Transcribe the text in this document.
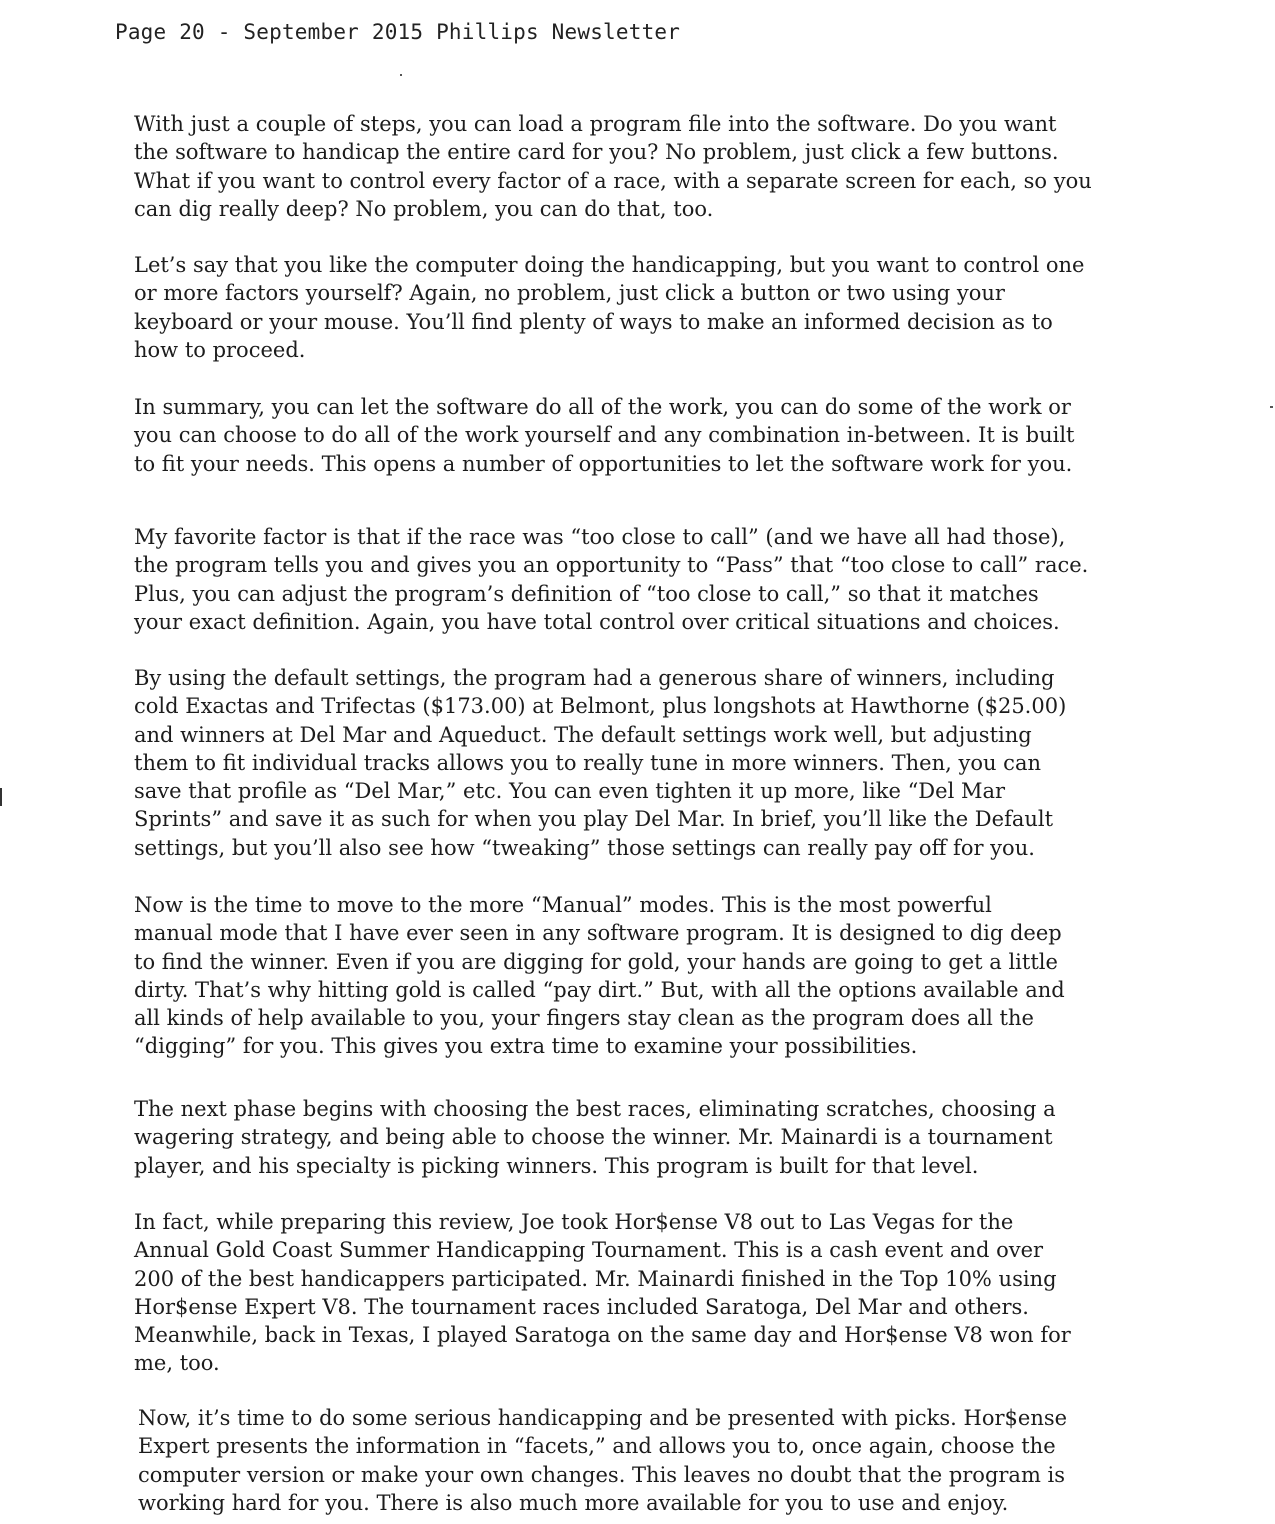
Page 20 - September 2015 Phillips Newsletter

With just a couple of steps, you can load a program file into the software. Do you want
the software to handicap the entire card for you? No problem, just click a few buttons.
What if you want to control every factor of a race, with a separate screen for each, so you
can dig really deep? No problem, you can do that, too.

Let’s say that you like the computer doing the handicapping, but you want to control one
or more factors yourself? Again, no problem, just click a button or two using your
keyboard or your mouse. You’ll find plenty of ways to make an informed decision as to
how to proceed.

In summary, you can let the software do all of the work, you can do some of the work or
you can choose to do all of the work yourself and any combination in-between. It is built
to fit your needs. This opens a number of opportunities to let the software work for you.

My favorite factor is that if the race was “too close to call” (and we have all had those),
the program tells you and gives you an opportunity to “Pass” that “too close to call” race.
Plus, you can adjust the program’s definition of “too close to call,” so that it matches
your exact definition. Again, you have total control over critical situations and choices.

By using the default settings, the program had a generous share of winners, including
cold Exactas and Trifectas ($173.00) at Belmont, plus longshots at Hawthorne ($25.00)
and winners at Del Mar and Aqueduct. The default settings work well, but adjusting
them to fit individual tracks allows you to really tune in more winners. Then, you can
save that profile as “Del Mar,” etc. You can even tighten it up more, like “Del Mar
Sprints” and save it as such for when you play Del Mar. In brief, you’ll like the Default
settings, but you’ll also see how “tweaking” those settings can really pay off for you.

Now is the time to move to the more “Manual” modes. This is the most powerful
manual mode that I have ever seen in any software program. It is designed to dig deep
to find the winner. Even if you are digging for gold, your hands are going to get a little
dirty. That’s why hitting gold is called “pay dirt.” But, with all the options available and
all kinds of help available to you, your fingers stay clean as the program does all the
“digging” for you. This gives you extra time to examine your possibilities.

The next phase begins with choosing the best races, eliminating scratches, choosing a
wagering strategy, and being able to choose the winner. Mr. Mainardi is a tournament
player, and his specialty is picking winners. This program is built for that level.

In fact, while preparing this review, Joe took Hor$ense V8 out to Las Vegas for the
Annual Gold Coast Summer Handicapping Tournament. This is a cash event and over
200 of the best handicappers participated. Mr. Mainardi finished in the Top 10% using
Hor$ense Expert V8. The tournament races included Saratoga, Del Mar and others.
Meanwhile, back in Texas, I played Saratoga on the same day and Hor$ense V8 won for
me, too.

Now, it’s time to do some serious handicapping and be presented with picks. Hor$ense
Expert presents the information in “facets,” and allows you to, once again, choose the
computer version or make your own changes. This leaves no doubt that the program is
working hard for you. There is also much more available for you to use and enjoy.
